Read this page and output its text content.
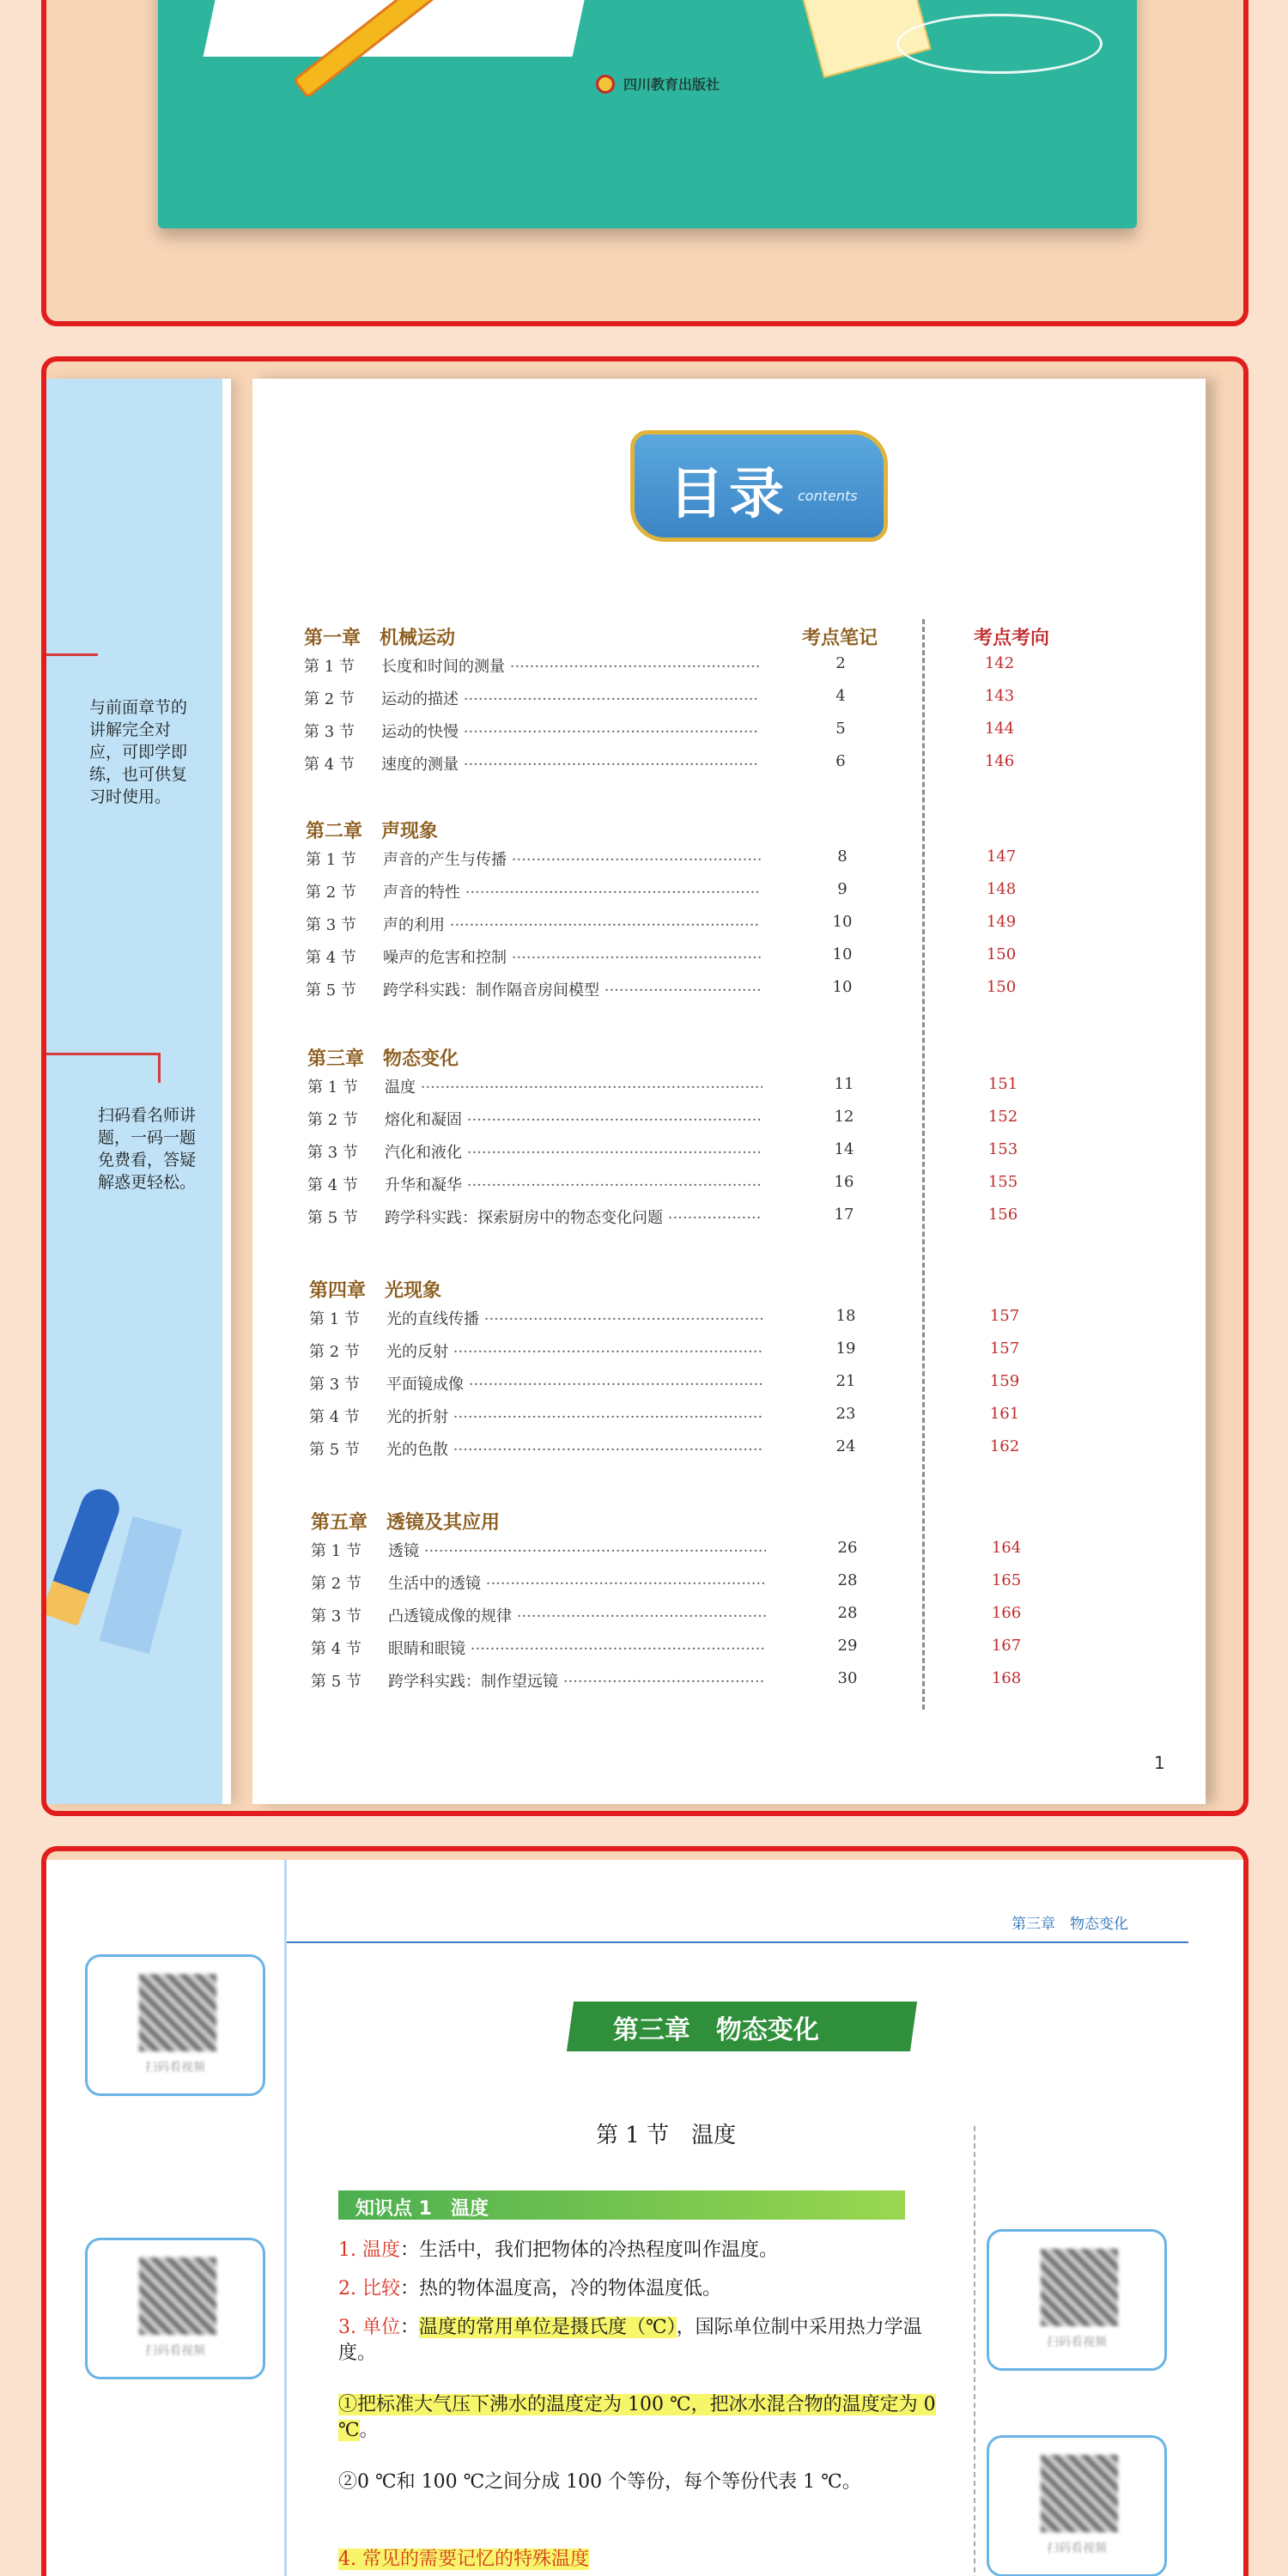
四川教育出版社
与前面章节的讲解完全对应，可即学即练，也可供复习时使用。
扫码看名师讲题，一码一题免费看，答疑解惑更轻松。
目录 contents
考点笔记	考点考向
第一章　机械运动
第 1 节	长度和时间的测量 ·····	2	142
第 2 节	运动的描述 ·····	4	143
第 3 节	运动的快慢 ·····	5	144
第 4 节	速度的测量 ·····	6	146
第二章　声现象
第 1 节	声音的产生与传播 ·····	8	147
第 2 节	声音的特性 ·····	9	148
第 3 节	声的利用 ·····	10	149
第 4 节	噪声的危害和控制 ·····	10	150
第 5 节	跨学科实践：制作隔音房间模型 ·····	10	150
第三章　物态变化
第 1 节	温度 ·····	11	151
第 2 节	熔化和凝固 ·····	12	152
第 3 节	汽化和液化 ·····	14	153
第 4 节	升华和凝华 ·····	16	155
第 5 节	跨学科实践：探索厨房中的物态变化问题 ·····	17	156
第四章　光现象
第 1 节	光的直线传播 ·····	18	157
第 2 节	光的反射 ·····	19	157
第 3 节	平面镜成像 ·····	21	159
第 4 节	光的折射 ·····	23	161
第 5 节	光的色散 ·····	24	162
第五章　透镜及其应用
第 1 节	透镜 ·····	26	164
第 2 节	生活中的透镜 ·····	28	165
第 3 节	凸透镜成像的规律 ·····	28	166
第 4 节	眼睛和眼镜 ·····	29	167
第 5 节	跨学科实践：制作望远镜 ·····	30	168
1
扫码看视频
扫码看视频
第三章　物态变化
第三章　物态变化
第 1 节　温度
知识点 1　温度
1. 温度：生活中，我们把物体的冷热程度叫作温度。
2. 比较：热的物体温度高，冷的物体温度低。
3. 单位：温度的常用单位是摄氏度（℃），国际单位制中采用热力学温度。
①把标准大气压下沸水的温度定为 100 ℃，把冰水混合物的温度定为 0 ℃。
②0 ℃和 100 ℃之间分成 100 个等份，每个等份代表 1 ℃。
4. 常见的需要记忆的特殊温度
扫码看视频
扫码看视频
